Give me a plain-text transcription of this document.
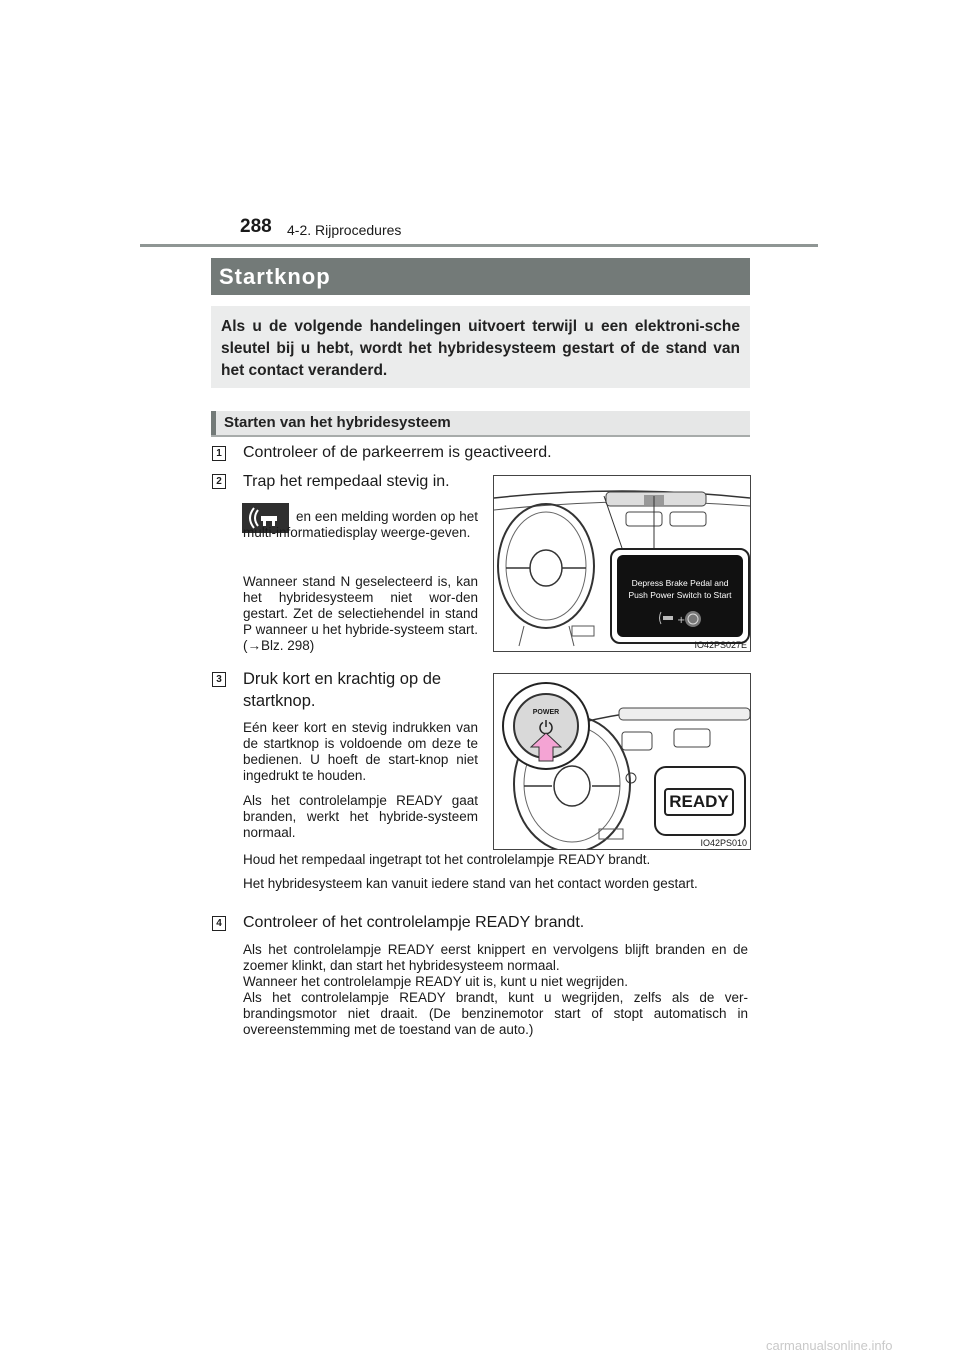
288 4-2. Rijprocedures
Startknop
Als u de volgende handelingen uitvoert terwijl u een elektroni-sche sleutel bij u hebt, wordt het hybridesysteem gestart of de stand van het contact veranderd.
Starten van het hybridesysteem
1 Controleer of de parkeerrem is geactiveerd.
2 Trap het rempedaal stevig in.
en een melding worden op het multi-informatiedisplay weerge-geven.
Wanneer stand N geselecteerd is, kan het hybridesysteem niet wor-den gestart. Zet de selectiehendel in stand P wanneer u het hybride-systeem start. (→Blz. 298)
Depress Brake Pedal and
Push Power Switch to Start
+
IO42PS027E
3 Druk kort en krachtig op de
startknop.
Eén keer kort en stevig indrukken van de startknop is voldoende om deze te bedienen. U hoeft de start-knop niet ingedrukt te houden.
Als het controlelampje READY gaat branden, werkt het hybride-systeem normaal.
Houd het rempedaal ingetrapt tot het controlelampje READY brandt.
Het hybridesysteem kan vanuit iedere stand van het contact worden gestart.
POWER
READY
IO42PS010
4 Controleer of het controlelampje READY brandt.
Als het controlelampje READY eerst knippert en vervolgens blijft branden en de zoemer klinkt, dan start het hybridesysteem normaal.
Wanneer het controlelampje READY uit is, kunt u niet wegrijden.
Als het controlelampje READY brandt, kunt u wegrijden, zelfs als de ver-brandingsmotor niet draait. (De benzinemotor start of stopt automatisch in overeenstemming met de toestand van de auto.)
carmanualsonline.info
